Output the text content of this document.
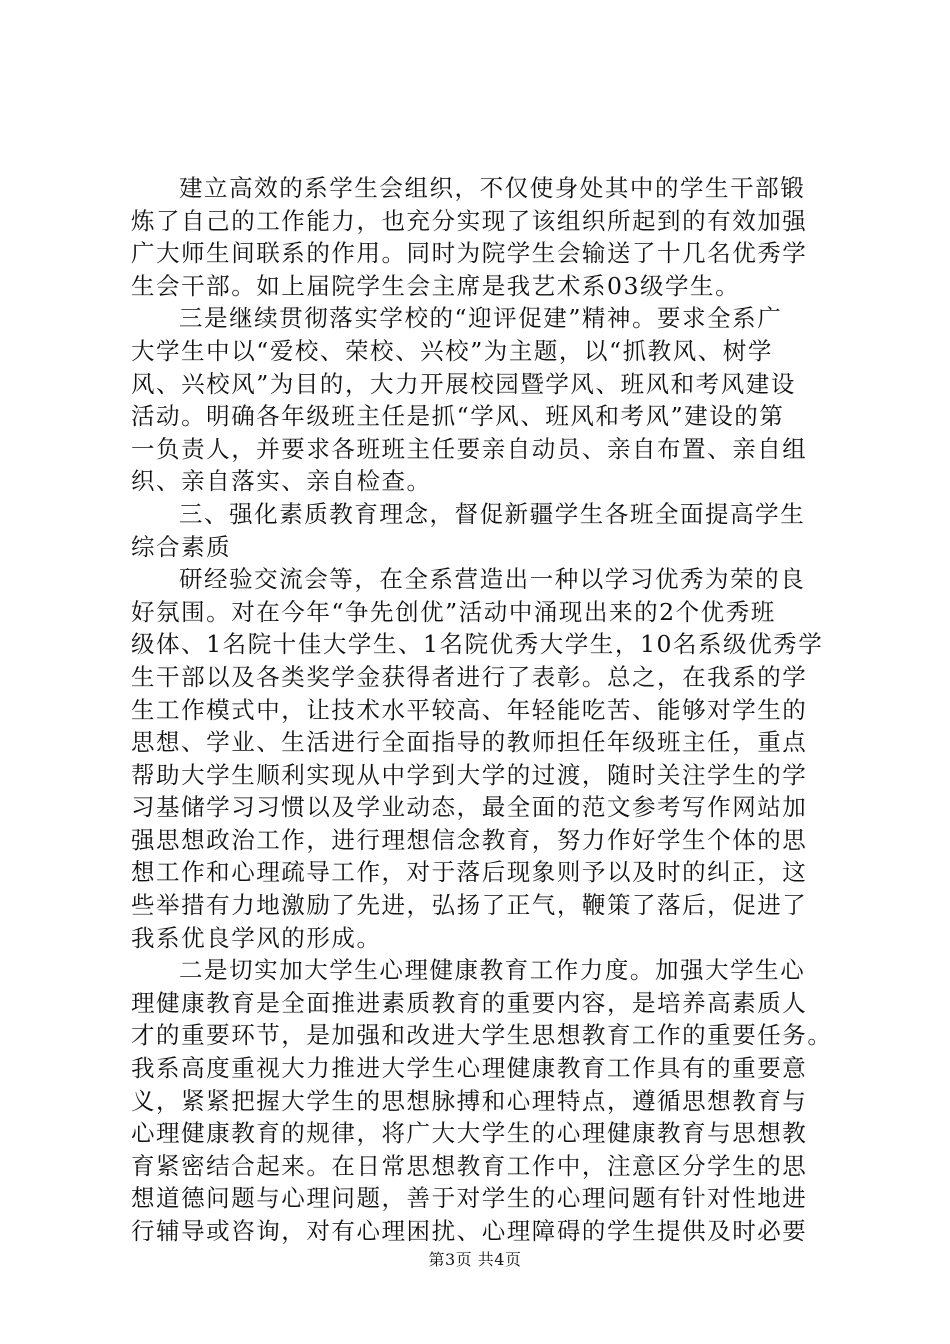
建立高效的系学生会组织，不仅使身处其中的学生干部锻
炼了自己的工作能力，也充分实现了该组织所起到的有效加强
广大师生间联系的作用。同时为院学生会输送了十几名优秀学
生会干部。如上届院学生会主席是我艺术系03级学生。
三是继续贯彻落实学校的“迎评促建”精神。要求全系广
大学生中以“爱校、荣校、兴校”为主题，以“抓教风、树学
风、兴校风”为目的，大力开展校园暨学风、班风和考风建设
活动。明确各年级班主任是抓“学风、班风和考风”建设的第
一负责人，并要求各班班主任要亲自动员、亲自布置、亲自组
织、亲自落实、亲自检查。
三、强化素质教育理念，督促新疆学生各班全面提高学生
综合素质
研经验交流会等，在全系营造出一种以学习优秀为荣的良
好氛围。对在今年“争先创优”活动中涌现出来的2个优秀班
级体、1名院十佳大学生、1名院优秀大学生，10名系级优秀学
生干部以及各类奖学金获得者进行了表彰。总之，在我系的学
生工作模式中，让技术水平较高、年轻能吃苦、能够对学生的
思想、学业、生活进行全面指导的教师担任年级班主任，重点
帮助大学生顺利实现从中学到大学的过渡，随时关注学生的学
习基储学习习惯以及学业动态，最全面的范文参考写作网站加
强思想政治工作，进行理想信念教育，努力作好学生个体的思
想工作和心理疏导工作，对于落后现象则予以及时的纠正，这
些举措有力地激励了先进，弘扬了正气，鞭策了落后，促进了
我系优良学风的形成。
二是切实加大学生心理健康教育工作力度。加强大学生心
理健康教育是全面推进素质教育的重要内容，是培养高素质人
才的重要环节，是加强和改进大学生思想教育工作的重要任务。
我系高度重视大力推进大学生心理健康教育工作具有的重要意
义，紧紧把握大学生的思想脉搏和心理特点，遵循思想教育与
心理健康教育的规律，将广大大学生的心理健康教育与思想教
育紧密结合起来。在日常思想教育工作中，注意区分学生的思
想道德问题与心理问题，善于对学生的心理问题有针对性地进
行辅导或咨询，对有心理困扰、心理障碍的学生提供及时必要
第3页 共4页
